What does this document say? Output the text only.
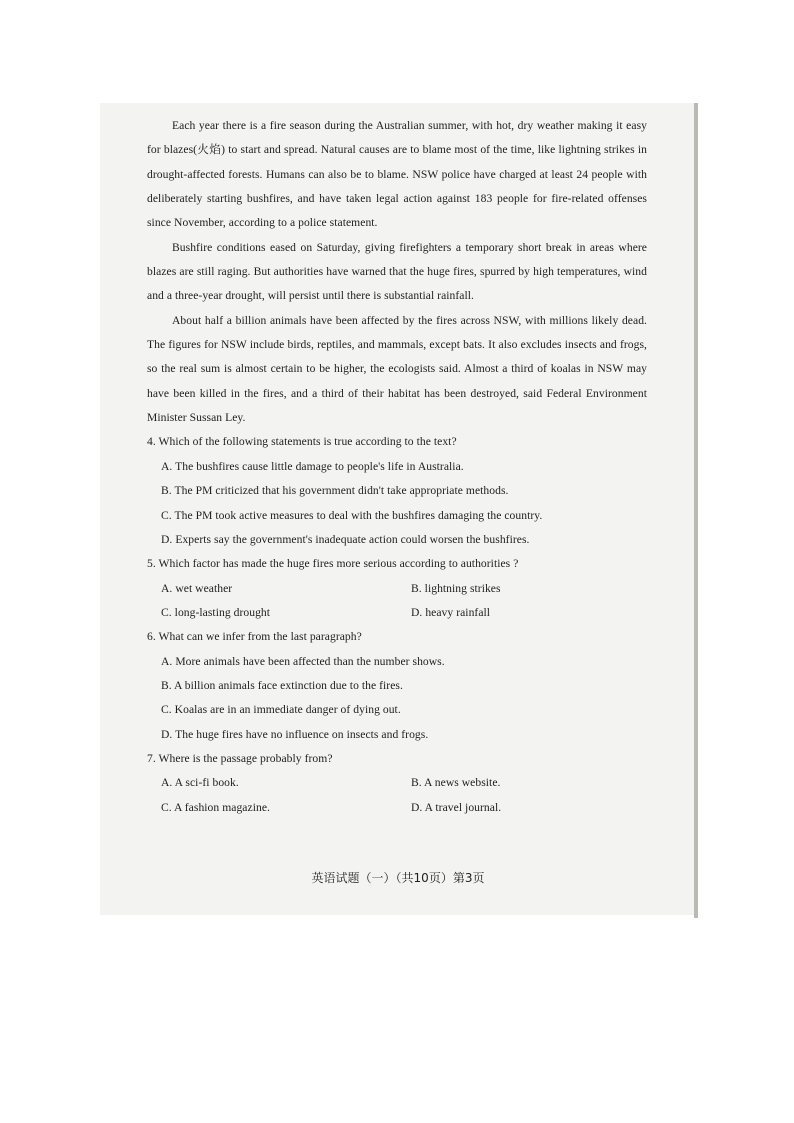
Each year there is a fire season during the Australian summer, with hot, dry weather making it easy for blazes(火焰) to start and spread. Natural causes are to blame most of the time, like lightning strikes in drought-affected forests. Humans can also be to blame. NSW police have charged at least 24 people with deliberately starting bushfires, and have taken legal action against 183 people for fire-related offenses since November, according to a police statement.

Bushfire conditions eased on Saturday, giving firefighters a temporary short break in areas where blazes are still raging. But authorities have warned that the huge fires, spurred by high temperatures, wind and a three-year drought, will persist until there is substantial rainfall.

About half a billion animals have been affected by the fires across NSW, with millions likely dead. The figures for NSW include birds, reptiles, and mammals, except bats. It also excludes insects and frogs, so the real sum is almost certain to be higher, the ecologists said. Almost a third of koalas in NSW may have been killed in the fires, and a third of their habitat has been destroyed, said Federal Environment Minister Sussan Ley.

4. Which of the following statements is true according to the text?

A. The bushfires cause little damage to people's life in Australia.

B. The PM criticized that his government didn't take appropriate methods.

C. The PM took active measures to deal with the bushfires damaging the country.

D. Experts say the government's inadequate action could worsen the bushfires.

5. Which factor has made the huge fires more serious according to authorities ?

A. wet weather	B. lightning strikes

C. long-lasting drought	D. heavy rainfall

6. What can we infer from the last paragraph?

A. More animals have been affected than the number shows.

B. A billion animals face extinction due to the fires.

C. Koalas are in an immediate danger of dying out.

D. The huge fires have no influence on insects and frogs.

7. Where is the passage probably from?

A. A sci-fi book.	B. A news website.

C. A fashion magazine.	D. A travel journal.

英语试题（一）（共10页）第3页
